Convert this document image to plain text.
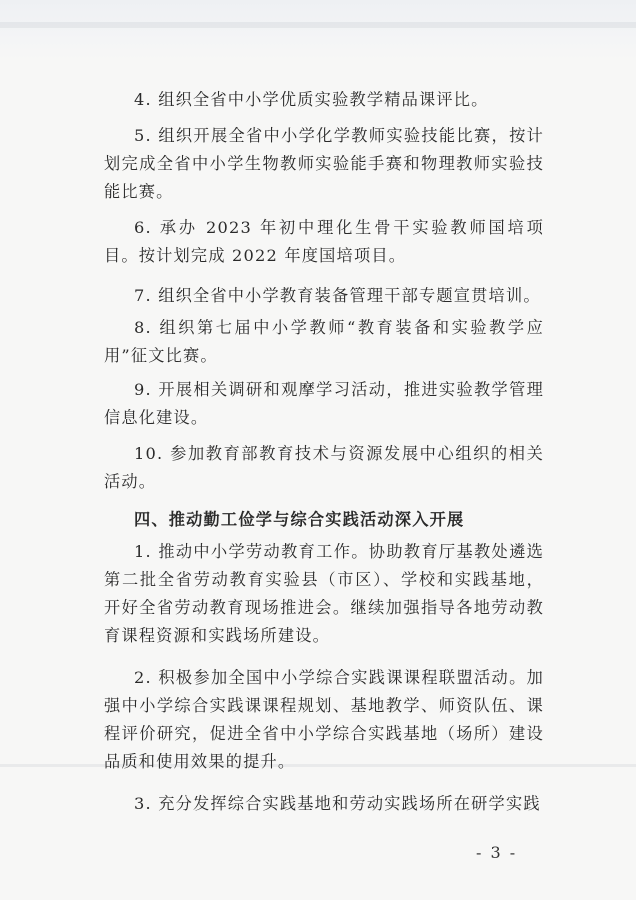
4. 组织全省中小学优质实验教学精品课评比。

5. 组织开展全省中小学化学教师实验技能比赛，按计划完成全省中小学生物教师实验能手赛和物理教师实验技能比赛。

6. 承办 2023 年初中理化生骨干实验教师国培项目。按计划完成 2022 年度国培项目。

7. 组织全省中小学教育装备管理干部专题宣贯培训。

8. 组织第七届中小学教师“教育装备和实验教学应用”征文比赛。

9. 开展相关调研和观摩学习活动，推进实验教学管理信息化建设。

10. 参加教育部教育技术与资源发展中心组织的相关活动。

四、推动勤工俭学与综合实践活动深入开展

1. 推动中小学劳动教育工作。协助教育厅基教处遴选第二批全省劳动教育实验县（市区）、学校和实践基地，开好全省劳动教育现场推进会。继续加强指导各地劳动教育课程资源和实践场所建设。

2. 积极参加全国中小学综合实践课课程联盟活动。加强中小学综合实践课课程规划、基地教学、师资队伍、课程评价研究，促进全省中小学综合实践基地（场所）建设品质和使用效果的提升。

3. 充分发挥综合实践基地和劳动实践场所在研学实践

- 3 -
